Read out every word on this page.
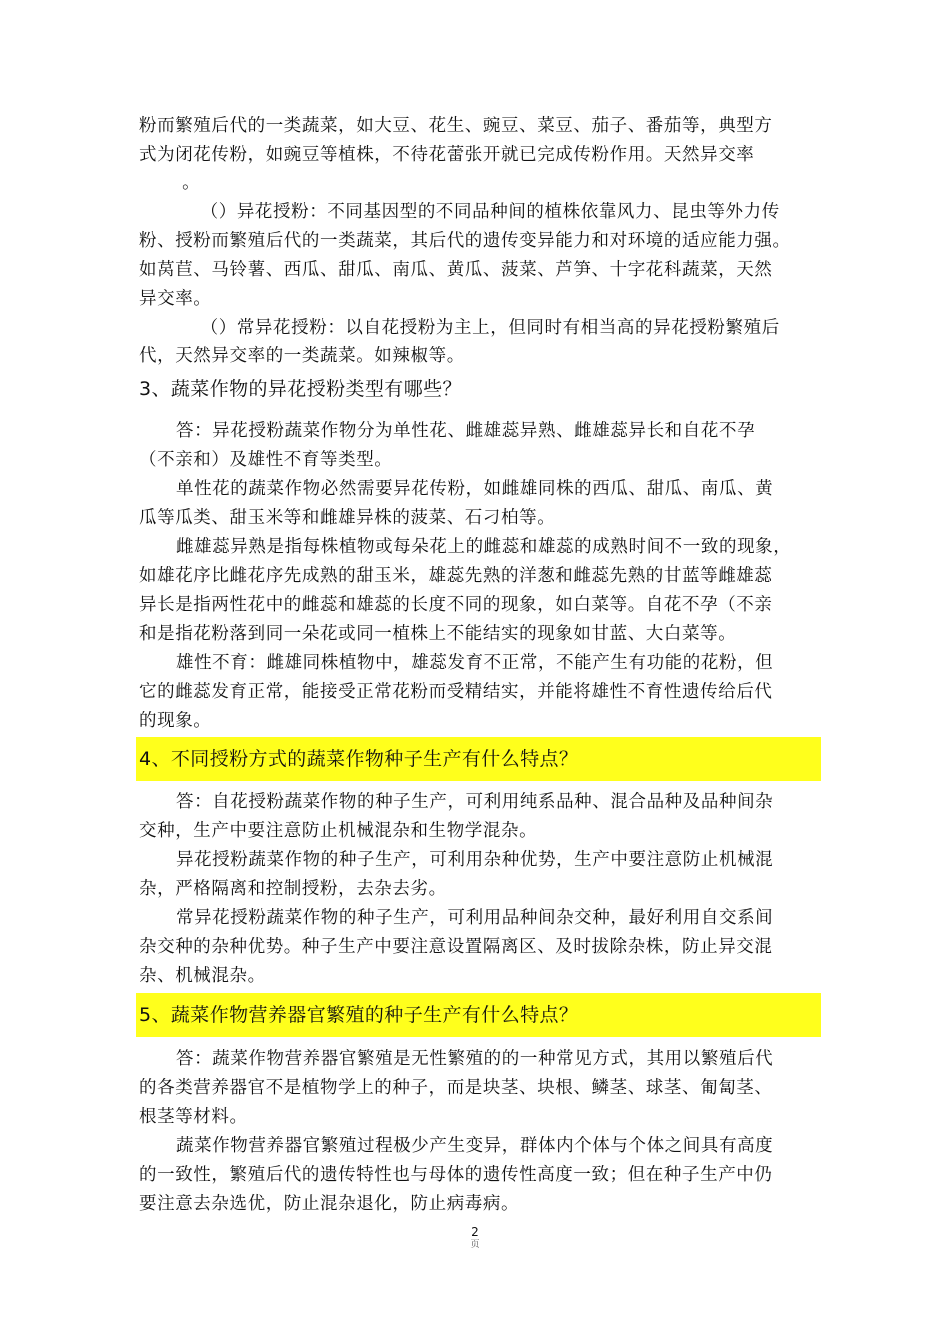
粉而繁殖后代的一类蔬菜，如大豆、花生、豌豆、菜豆、茄子、番茄等，典型方
式为闭花传粉，如豌豆等植株，不待花蕾张开就已完成传粉作用。天然异交率
。
（）异花授粉：不同基因型的不同品种间的植株依靠风力、昆虫等外力传
粉、授粉而繁殖后代的一类蔬菜，其后代的遗传变异能力和对环境的适应能力强。
如莴苣、马铃薯、西瓜、甜瓜、南瓜、黄瓜、菠菜、芦笋、十字花科蔬菜，天然
异交率。
（）常异花授粉：以自花授粉为主上，但同时有相当高的异花授粉繁殖后
代，天然异交率的一类蔬菜。如辣椒等。
3、蔬菜作物的异花授粉类型有哪些？
答：异花授粉蔬菜作物分为单性花、雌雄蕊异熟、雌雄蕊异长和自花不孕
（不亲和）及雄性不育等类型。
单性花的蔬菜作物必然需要异花传粉，如雌雄同株的西瓜、甜瓜、南瓜、黄
瓜等瓜类、甜玉米等和雌雄异株的菠菜、石刁柏等。
雌雄蕊异熟是指每株植物或每朵花上的雌蕊和雄蕊的成熟时间不一致的现象，
如雄花序比雌花序先成熟的甜玉米，雄蕊先熟的洋葱和雌蕊先熟的甘蓝等雌雄蕊
异长是指两性花中的雌蕊和雄蕊的长度不同的现象，如白菜等。自花不孕（不亲
和是指花粉落到同一朵花或同一植株上不能结实的现象如甘蓝、大白菜等。
雄性不育：雌雄同株植物中，雄蕊发育不正常，不能产生有功能的花粉，但
它的雌蕊发育正常，能接受正常花粉而受精结实，并能将雄性不育性遗传给后代
的现象。
4、不同授粉方式的蔬菜作物种子生产有什么特点？
答：自花授粉蔬菜作物的种子生产，可利用纯系品种、混合品种及品种间杂
交种，生产中要注意防止机械混杂和生物学混杂。
异花授粉蔬菜作物的种子生产，可利用杂种优势，生产中要注意防止机械混
杂，严格隔离和控制授粉，去杂去劣。
常异花授粉蔬菜作物的种子生产，可利用品种间杂交种，最好利用自交系间
杂交种的杂种优势。种子生产中要注意设置隔离区、及时拔除杂株，防止异交混
杂、机械混杂。
5、蔬菜作物营养器官繁殖的种子生产有什么特点？
答：蔬菜作物营养器官繁殖是无性繁殖的的一种常见方式，其用以繁殖后代
的各类营养器官不是植物学上的种子，而是块茎、块根、鳞茎、球茎、匍匐茎、
根茎等材料。
蔬菜作物营养器官繁殖过程极少产生变异，群体内个体与个体之间具有高度
的一致性，繁殖后代的遗传特性也与母体的遗传性高度一致；但在种子生产中仍
要注意去杂选优，防止混杂退化，防止病毒病。
2
页
